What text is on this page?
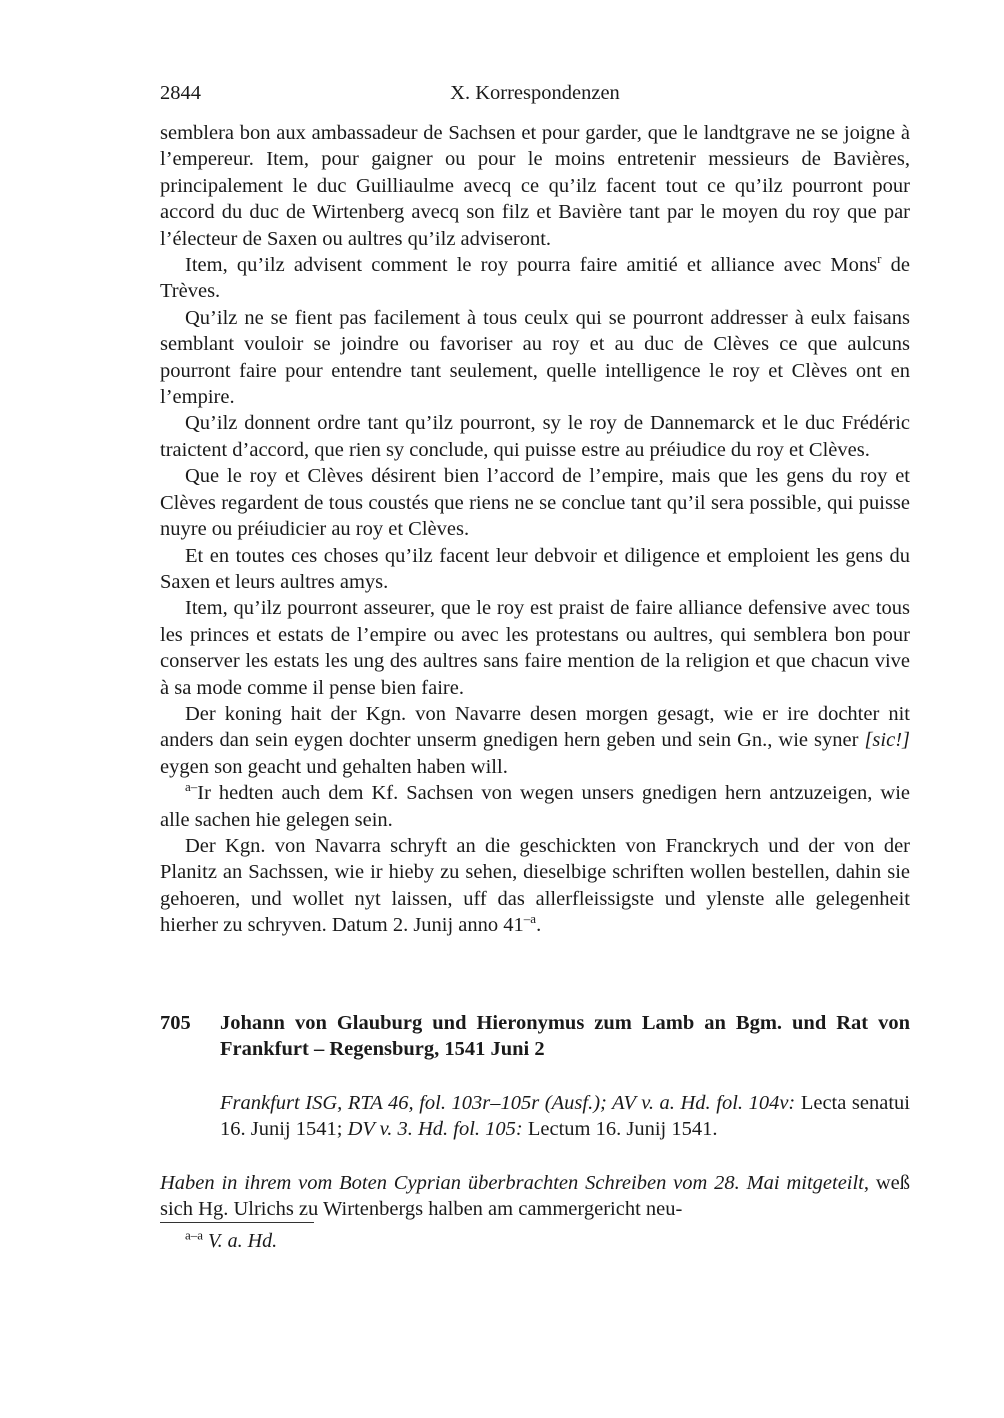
2844	X. Korrespondenzen

semblera bon aux ambassadeur de Sachsen et pour garder, que le landtgrave ne se joigne à l’empereur. Item, pour gaigner ou pour le moins entretenir messieurs de Bavières, principalement le duc Guilliaulme avecq ce qu’ilz facent tout ce qu’ilz pourront pour accord du duc de Wirtenberg avecq son filz et Bavière tant par le moyen du roy que par l’électeur de Saxen ou aultres qu’ilz adviseront.

Item, qu’ilz advisent comment le roy pourra faire amitié et alliance avec Mons$^r$ de Trèves.

Qu’ilz ne se fient pas facilement à tous ceulx qui se pourront addresser à eulx faisans semblant vouloir se joindre ou favoriser au roy et au duc de Clèves ce que aulcuns pourront faire pour entendre tant seulement, quelle intelligence le roy et Clèves ont en l’empire.

Qu’ilz donnent ordre tant qu’ilz pourront, sy le roy de Dannemarck et le duc Frédéric traictent d’accord, que rien sy conclude, qui puisse estre au préiudice du roy et Clèves.

Que le roy et Clèves désirent bien l’accord de l’empire, mais que les gens du roy et Clèves regardent de tous coustés que riens ne se conclue tant qu’il sera possible, qui puisse nuyre ou préiudicier au roy et Clèves.

Et en toutes ces choses qu’ilz facent leur debvoir et diligence et emploient les gens du Saxen et leurs aultres amys.

Item, qu’ilz pourront asseurer, que le roy est praist de faire alliance defensive avec tous les princes et estats de l’empire ou avec les protestans ou aultres, qui semblera bon pour conserver les estats les ung des aultres sans faire mention de la religion et que chacun vive à sa mode comme il pense bien faire.

Der koning hait der Kgn. von Navarre desen morgen gesagt, wie er ire dochter nit anders dan sein eygen dochter unserm gnedigen hern geben und sein Gn., wie syner [sic!] eygen son geacht und gehalten haben will.

$^{a-}$Ir hedten auch dem Kf. Sachsen von wegen unsers gnedigen hern antzuzeigen, wie alle sachen hie gelegen sein.

Der Kgn. von Navarra schryft an die geschickten von Franckrych und der von der Planitz an Sachssen, wie ir hieby zu sehen, dieselbige schriften wollen bestellen, dahin sie gehoeren, und wollet nyt laissen, uff das allerfleissigste und ylenste alle gelegenheit hierher zu schryven. Datum 2. Junij anno $41^{-a}$.

705 Johann von Glauburg und Hieronymus zum Lamb an Bgm. und Rat von Frankfurt – Regensburg, 1541 Juni 2
Frankfurt ISG, RTA 46, fol. 103r–105r (Ausf.); AV v. a. Hd. fol. 104v: Lecta senatui 16. Junij 1541; DV v. 3. Hd. fol. 105: Lectum 16. Junij 1541.
Haben in ihrem vom Boten Cyprian überbrachten Schreiben vom 28. Mai mitgeteilt, weß sich Hg. Ulrichs zu Wirtenbergs halben am cammergericht neu-
$^{a-a}$ V. a. Hd.
